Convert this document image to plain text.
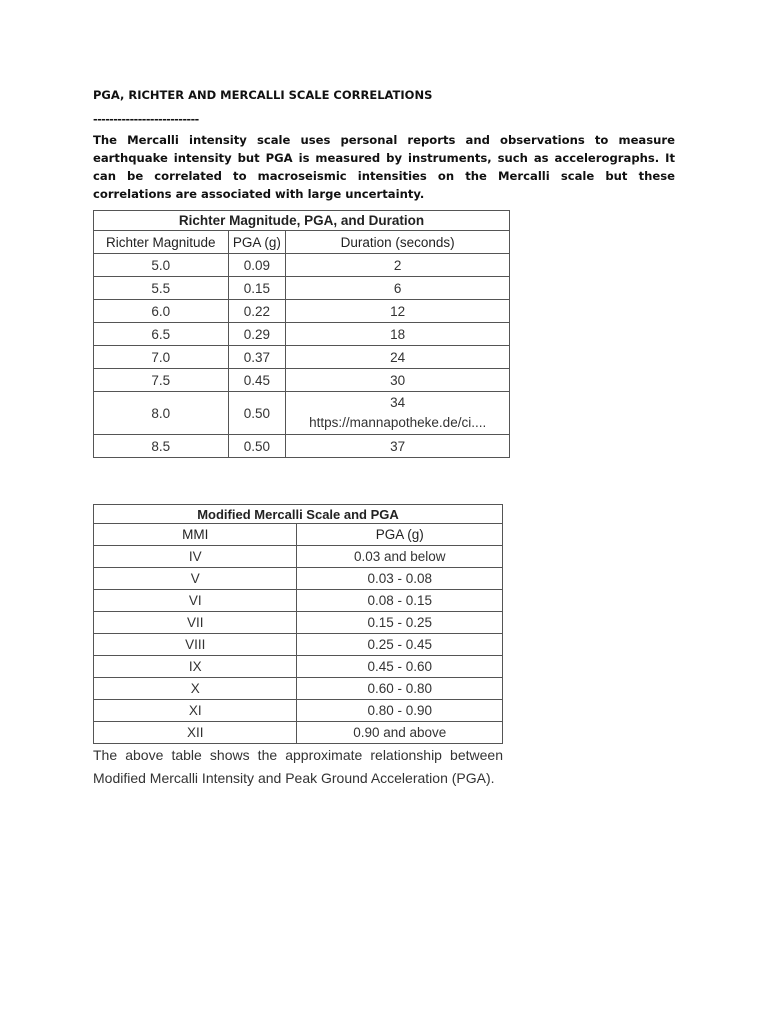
PGA, RICHTER AND MERCALLI SCALE CORRELATIONS
--------------------------
The Mercalli intensity scale uses personal reports and observations to measure earthquake intensity but PGA is measured by instruments, such as accelerographs. It can be correlated to macroseismic intensities on the Mercalli scale but these correlations are associated with large uncertainty.
Richter Magnitude, PGA, and Duration		
Richter Magnitude	PGA (g)	Duration (seconds)
5.0	0.09	2
5.5	0.15	6
6.0	0.22	12
6.5	0.29	18
7.0	0.37	24
7.5	0.45	30
8.0	0.50	34
https://mannapotheke.de/ci....

8.5	0.50	37
Modified Mercalli Scale and PGA	
MMI	PGA (g)
IV	0.03 and below
V	0.03 - 0.08
VI	0.08 - 0.15
VII	0.15 - 0.25
VIII	0.25 - 0.45
IX	0.45 - 0.60
X	0.60 - 0.80
XI	0.80 - 0.90
XII	0.90 and above
The above table shows the approximate relationship between Modified Mercalli Intensity and Peak Ground Acceleration (PGA).
